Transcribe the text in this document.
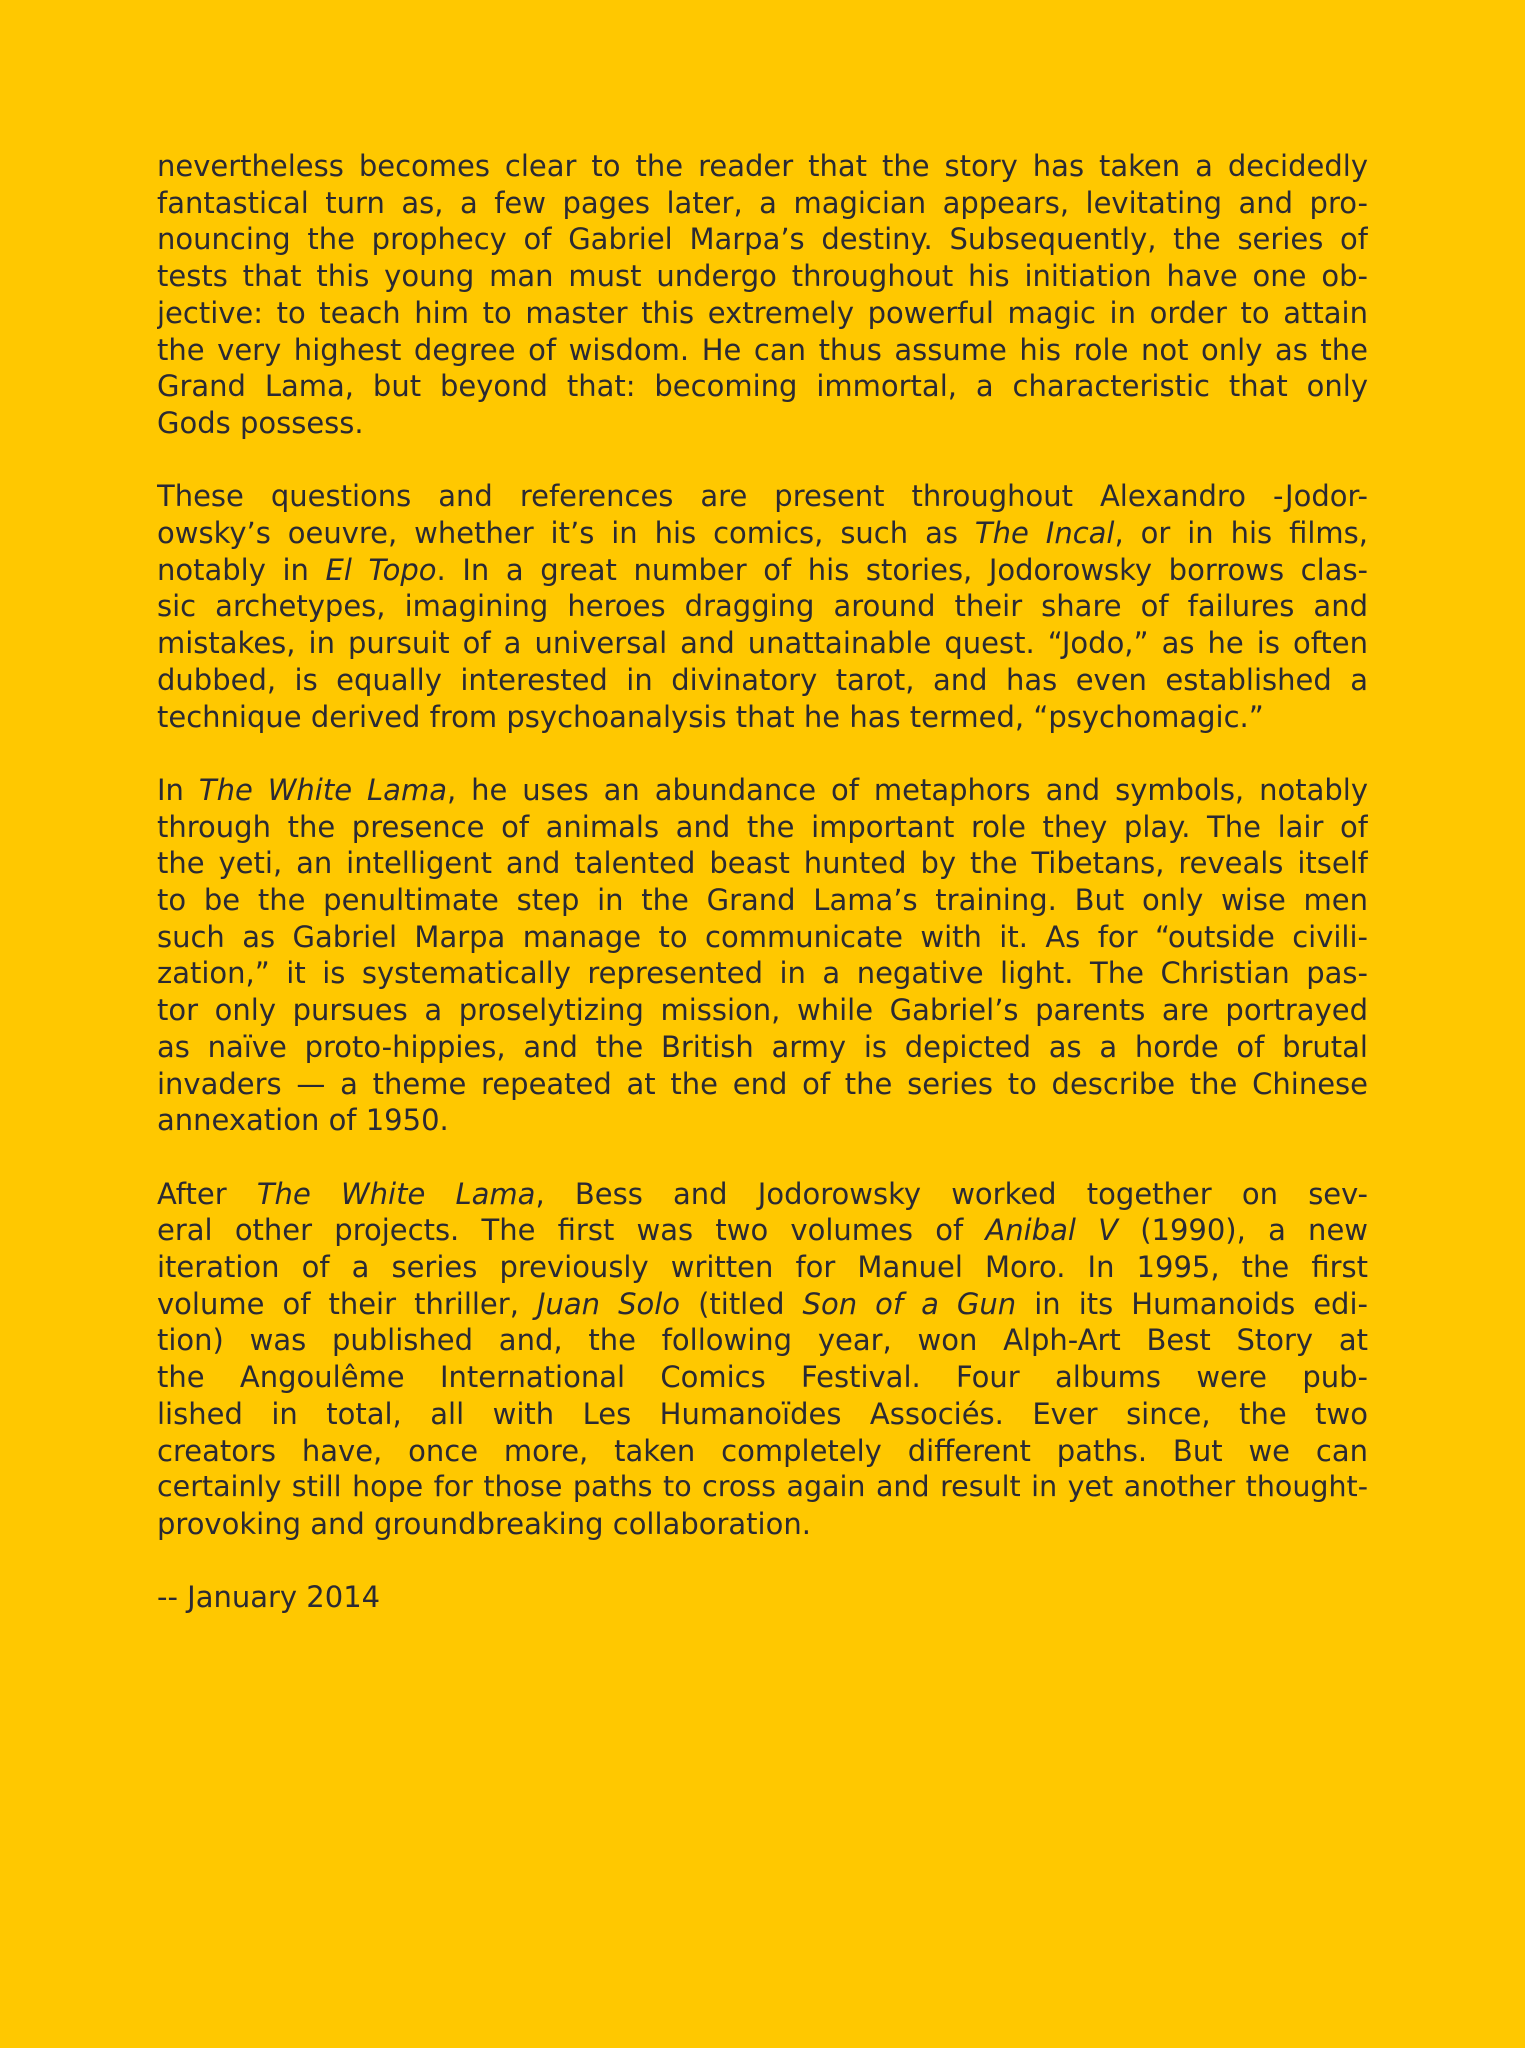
nevertheless becomes clear to the reader that the story has taken a decidedly
fantastical turn as, a few pages later, a magician appears, levitating and pro-
nouncing the prophecy of Gabriel Marpa’s destiny. Subsequently, the series of
tests that this young man must undergo throughout his initiation have one ob-
jective: to teach him to master this extremely powerful magic in order to attain
the very highest degree of wisdom. He can thus assume his role not only as the
Grand Lama, but beyond that: becoming immortal, a characteristic that only
Gods possess.
These questions and references are present throughout Alexandro -Jodor-
owsky’s oeuvre, whether it’s in his comics, such as The Incal, or in his films,
notably in El Topo. In a great number of his stories, Jodorowsky borrows clas-
sic archetypes, imagining heroes dragging around their share of failures and
mistakes, in pursuit of a universal and unattainable quest. “Jodo,” as he is often
dubbed, is equally interested in divinatory tarot, and has even established a
technique derived from psychoanalysis that he has termed, “psychomagic.”
In The White Lama, he uses an abundance of metaphors and symbols, notably
through the presence of animals and the important role they play. The lair of
the yeti, an intelligent and talented beast hunted by the Tibetans, reveals itself
to be the penultimate step in the Grand Lama’s training. But only wise men
such as Gabriel Marpa manage to communicate with it. As for “outside civili-
zation,” it is systematically represented in a negative light. The Christian pas-
tor only pursues a proselytizing mission, while Gabriel’s parents are portrayed
as naïve proto-hippies, and the British army is depicted as a horde of brutal
invaders — a theme repeated at the end of the series to describe the Chinese
annexation of 1950.
After The White Lama, Bess and Jodorowsky worked together on sev-
eral other projects. The first was two volumes of Anibal V (1990), a new
iteration of a series previously written for Manuel Moro. In 1995, the first
volume of their thriller, Juan Solo (titled Son of a Gun in its Humanoids edi-
tion) was published and, the following year, won Alph-Art Best Story at
the Angoulême International Comics Festival. Four albums were pub-
lished in total, all with Les Humanoïdes Associés. Ever since, the two
creators have, once more, taken completely different paths. But we can
certainly still hope for those paths to cross again and result in yet another thought-
provoking and groundbreaking collaboration.

-- January 2014
